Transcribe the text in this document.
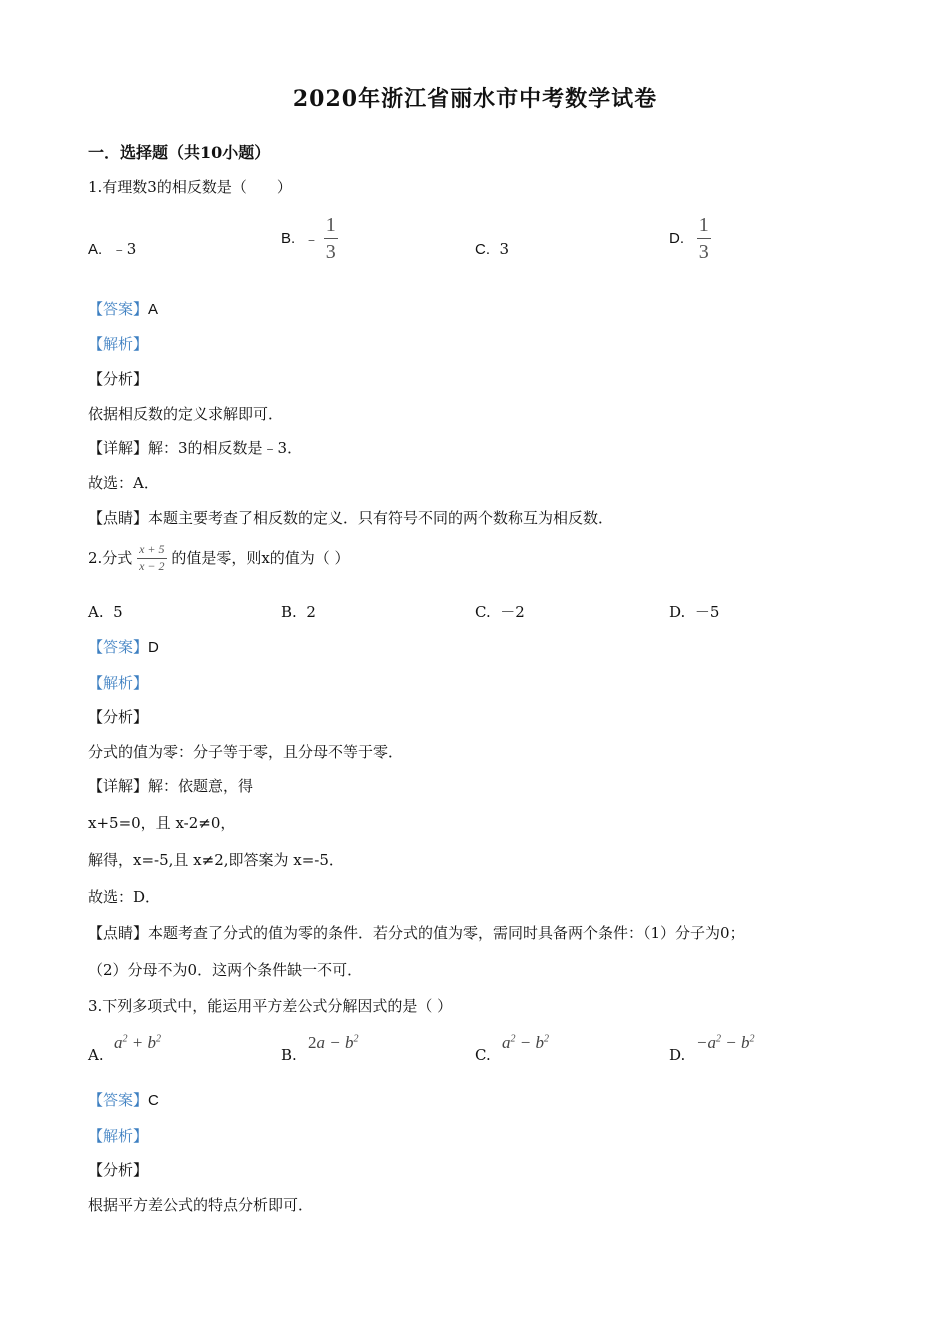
2020年浙江省丽水市中考数学试卷
一．选择题（共10小题）
1.有理数3的相反数是（　　）
A. ﹣3
B. ﹣ $\frac{1}{3}$	C. 3
D. $\frac{1}{3}$
【答案】A
【解析】
【分析】
依据相反数的定义求解即可．
【详解】解：3的相反数是﹣3．
故选：A．
【点睛】本题主要考查了相反数的定义．只有符号不同的两个数称互为相反数．
2.分式 $\frac{x + 5}{x - 2}$ 的值是零，则x的值为（ ）
A. 5	B. 2	C. －2	D. －5
【答案】D
【解析】
【分析】
分式的值为零：分子等于零，且分母不等于零．
【详解】解：依题意，得
x+5=0，且 x-2≠0，
解得，x=-5,且 x≠2,即答案为 x=-5．
故选：D．
【点睛】本题考查了分式的值为零的条件．若分式的值为零，需同时具备两个条件：（1）分子为0；
（2）分母不为0．这两个条件缺一不可．
3.下列多项式中，能运用平方差公式分解因式的是（ ）
A.
$a^2 + b^2$
B.
$2a - b^2$
C.
$a^2 - b^2$
D.
$-a^2 - b^2$
【答案】C
【解析】
【分析】
根据平方差公式的特点分析即可．
